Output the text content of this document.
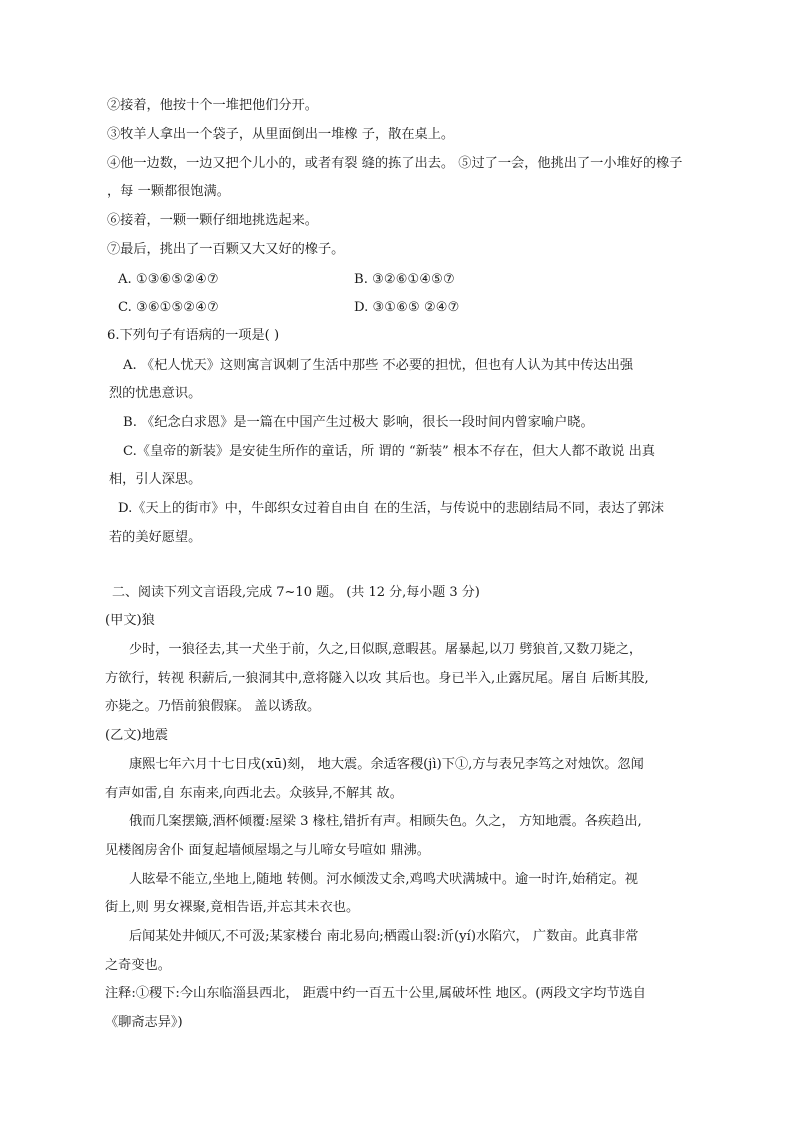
②接着，他按十个一堆把他们分开。
③牧羊人拿出一个袋子，从里面倒出一堆橡 子，散在桌上。
④他一边数，一边又把个儿小的，或者有裂 缝的拣了出去。 ⑤过了一会，他挑出了一小堆好的橡子
，每 一颗都很饱满。
⑥接着，一颗一颗仔细地挑选起来。
⑦最后，挑出了一百颗又大又好的橡子。
A. ①③⑥⑤②④⑦	B. ③②⑥①④⑤⑦
C. ③⑥①⑤②④⑦	D. ③①⑥⑤ ②④⑦
6.下列句子有语病的一项是( )
A. 《杞人忧天》这则寓言讽刺了生活中那些 不必要的担忧，但也有人认为其中传达出强
烈的忧患意识。
B. 《纪念白求恩》是一篇在中国产生过极大 影响，很长一段时间内曾家喻户晓。
C.《皇帝的新装》是安徒生所作的童话，所 谓的 “新装” 根本不存在，但大人都不敢说 出真
相，引人深思。
D.《天上的街市》中，牛郎织女过着自由自 在的生活，与传说中的悲剧结局不同，表达了郭沫
若的美好愿望。
二、阅读下列文言语段,完成 7~10 题。 (共 12 分,每小题 3 分)
(甲文)狼
少时，一狼径去,其一犬坐于前，久之,日似瞑,意暇甚。屠暴起,以刀 劈狼首,又数刀毙之，
方欲行，转视 积薪后,一狼洞其中,意将隧入以攻 其后也。身已半入,止露尻尾。屠自 后断其股,
亦毙之。乃悟前狼假寐。 盖以诱敌。
(乙文)地震
康熙七年六月十七日戌(xū)刻， 地大震。余适客稷(jì)下①,方与表兄李笃之对烛饮。忽闻
有声如雷,自 东南来,向西北去。众骇异,不解其 故。
俄而几案摆簸,酒杯倾覆:屋梁 3 椽柱,错折有声。相顾失色。久之， 方知地震。各疾趋出,
见楼阁房舍仆 面复起墙倾屋塌之与儿啼女号喧如 鼎沸。
人眩晕不能立,坐地上,随地 转侧。河水倾泼丈余,鸡鸣犬吠满城中。逾一时许,始稍定。视
街上,则 男女裸聚,竟相告语,并忘其未衣也。
后闻某处井倾仄,不可汲;某家楼台 南北易向;栖霞山裂:沂(yí)水陷穴， 广数亩。此真非常
之奇变也。
注释:①稷下:今山东临淄县西北， 距震中约一百五十公里,属破坏性 地区。(两段文字均节选自
《聊斋志异》)
